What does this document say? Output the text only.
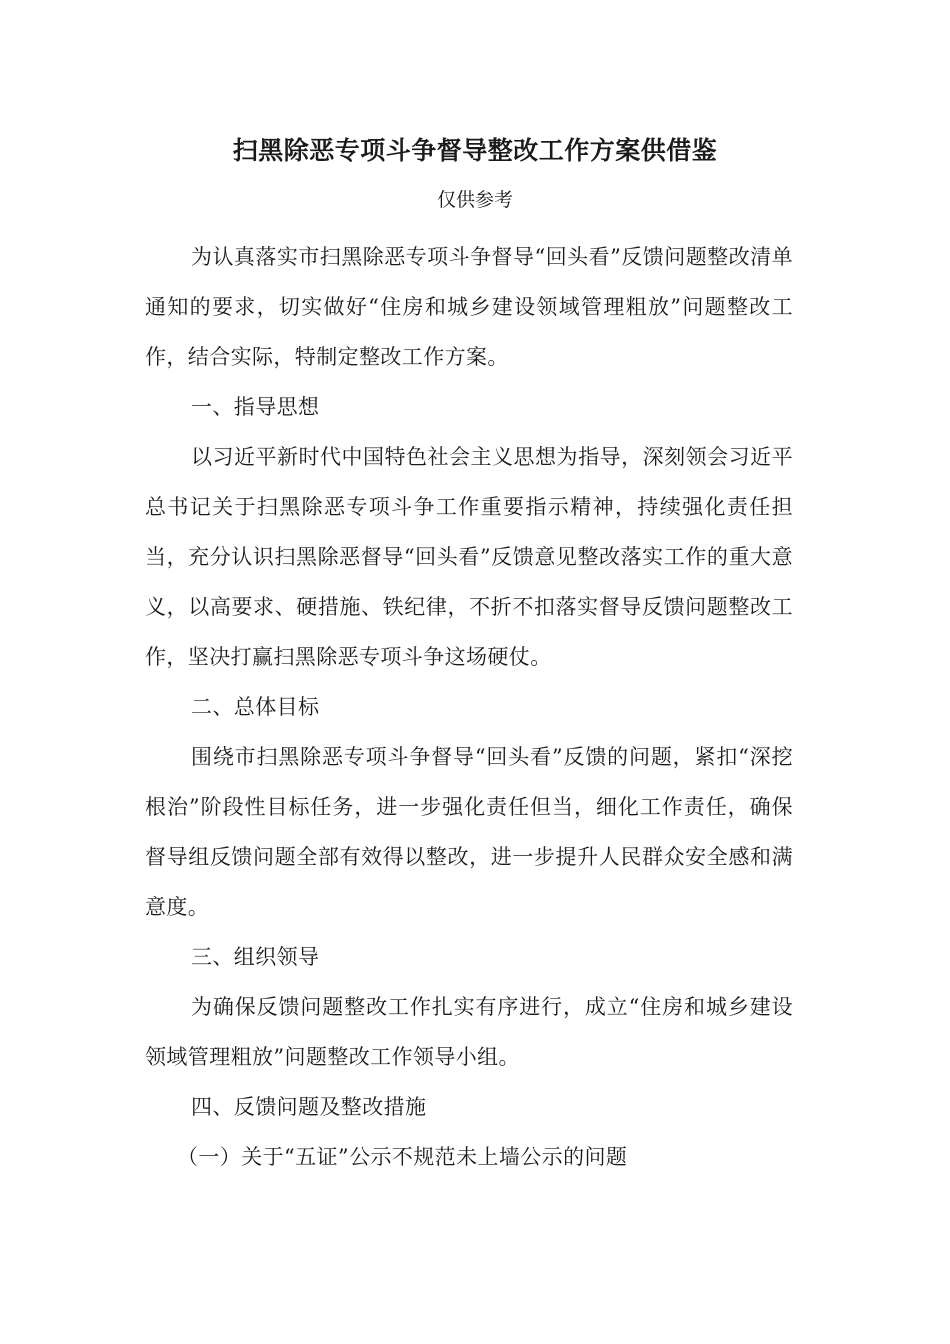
扫黑除恶专项斗争督导整改工作方案供借鉴

仅供参考

为认真落实市扫黑除恶专项斗争督导“回头看”反馈问题整改清单通知的要求，切实做好“住房和城乡建设领域管理粗放”问题整改工作，结合实际，特制定整改工作方案。

一、指导思想

以习近平新时代中国特色社会主义思想为指导，深刻领会习近平总书记关于扫黑除恶专项斗争工作重要指示精神，持续强化责任担当，充分认识扫黑除恶督导“回头看”反馈意见整改落实工作的重大意义，以高要求、硬措施、铁纪律，不折不扣落实督导反馈问题整改工作，坚决打赢扫黑除恶专项斗争这场硬仗。

二、总体目标

围绕市扫黑除恶专项斗争督导“回头看”反馈的问题，紧扣“深挖根治”阶段性目标任务，进一步强化责任但当，细化工作责任，确保督导组反馈问题全部有效得以整改，进一步提升人民群众安全感和满意度。

三、组织领导

为确保反馈问题整改工作扎实有序进行，成立“住房和城乡建设领域管理粗放”问题整改工作领导小组。

四、反馈问题及整改措施

（一）关于“五证”公示不规范未上墙公示的问题
